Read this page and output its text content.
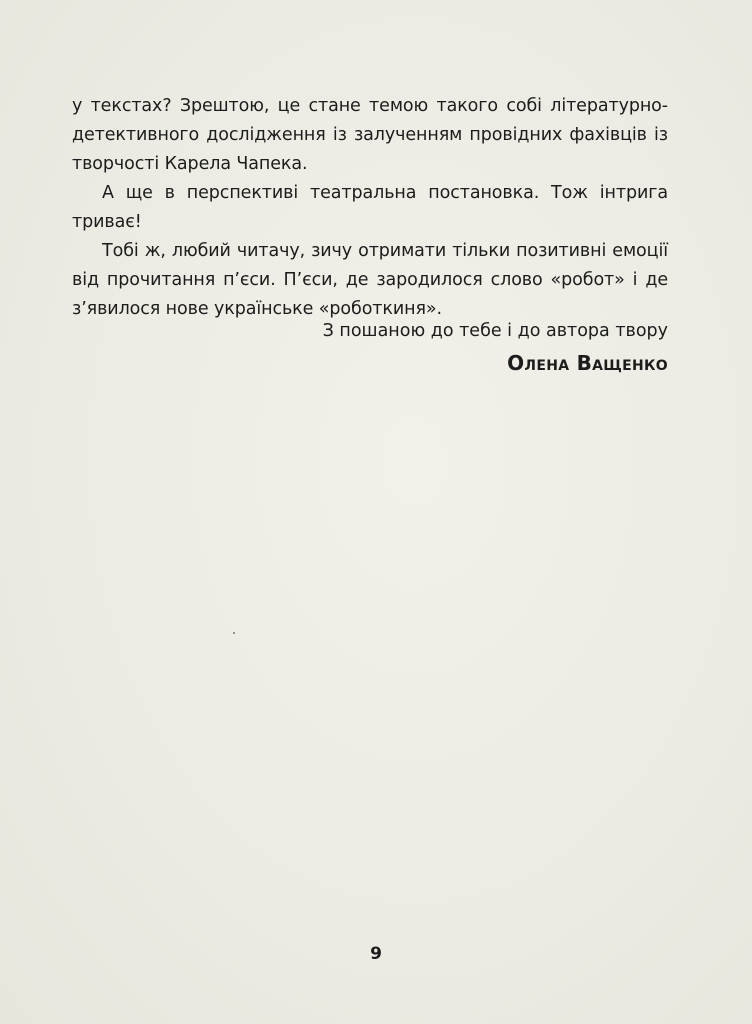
у текстах? Зрештою, це стане темою такого собі літературно-детективного дослідження із залученням провідних фахівців із творчості Карела Чапека.

А ще в перспективі театральна постановка. Тож інтрига триває!

Тобі ж, любий читачу, зичу отримати тільки позитивні емоції від прочитання п’єси. П’єси, де зародилося слово «робот» і де з’явилося нове українське «роботкиня».

З пошаною до тебе і до автора твору
Олена Ващенко
9
